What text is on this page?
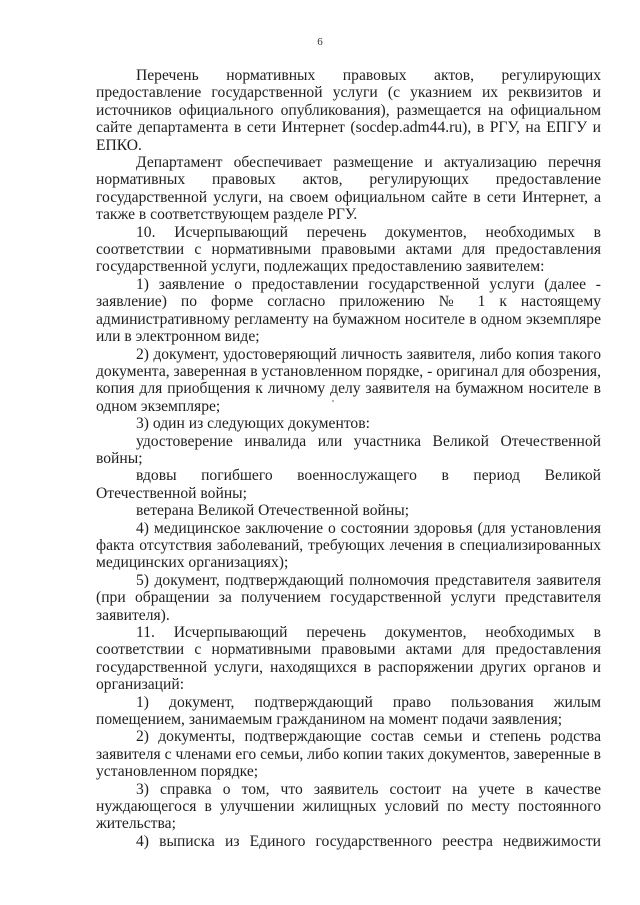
6

Перечень нормативных правовых актов, регулирующих предоставление государственной услуги (с указнием их реквизитов и источников официального опубликования), размещается на официальном сайте департамента в сети Интернет (socdep.adm44.ru), в РГУ, на ЕПГУ и ЕПКО.

Департамент обеспечивает размещение и актуализацию перечня нормативных правовых актов, регулирующих предоставление государственной услуги, на своем официальном сайте в сети Интернет, а также в соответствующем разделе РГУ.

10. Исчерпывающий перечень документов, необходимых в соответствии с нормативными правовыми актами для предоставления государственной услуги, подлежащих предоставлению заявителем:

1) заявление о предоставлении государственной услуги (далее - заявление) по форме согласно приложению № 1 к настоящему административному регламенту на бумажном носителе в одном экземпляре или в электронном виде;

2) документ, удостоверяющий личность заявителя, либо копия такого документа, заверенная в установленном порядке, - оригинал для обозрения, копия для приобщения к личному делу заявителя на бумажном носителе в одном экземпляре;

3) один из следующих документов:

удостоверение инвалида или участника Великой Отечественной войны;

вдовы погибшего военнослужащего в период Великой Отечественной войны;

ветерана Великой Отечественной войны;

4) медицинское заключение о состоянии здоровья (для установления факта отсутствия заболеваний, требующих лечения в специализированных медицинских организациях);

5) документ, подтверждающий полномочия представителя заявителя (при обращении за получением государственной услуги представителя заявителя).

11. Исчерпывающий перечень документов, необходимых в соответствии с нормативными правовыми актами для предоставления государственной услуги, находящихся в распоряжении других органов и организаций:

1) документ, подтверждающий право пользования жилым помещением, занимаемым гражданином на момент подачи заявления;

2) документы, подтверждающие состав семьи и степень родства заявителя с членами его семьи, либо копии таких документов, заверенные в установленном порядке;

3) справка о том, что заявитель состоит на учете в качестве нуждающегося в улучшении жилищных условий по месту постоянного жительства;

4) выписка из Единого государственного реестра недвижимости
